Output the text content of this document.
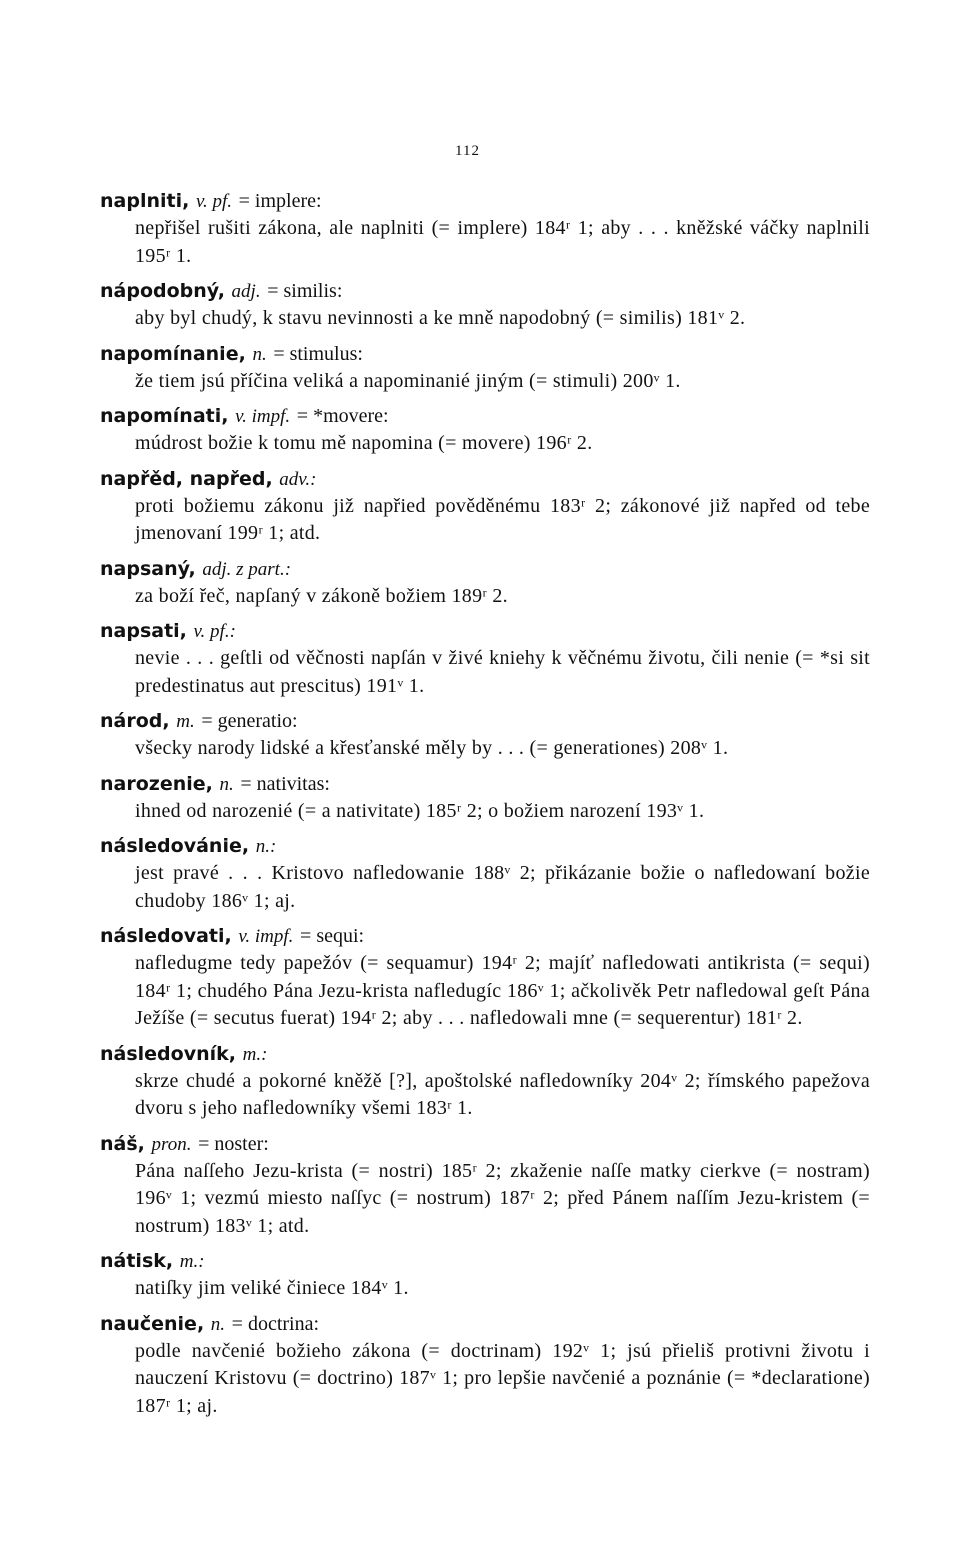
112
naplniti, v. pf. = implere:
nepřišel rušiti zákona, ale naplniti (= implere) 184ʳ 1; aby . . . kněžské váčky naplnili 195ʳ 1.
nápodobný, adj. = similis:
aby byl chudý, k stavu nevinnosti a ke mně napodobný (= similis) 181ᵛ 2.
napomínanie, n. = stimulus:
že tiem jsú příčina veliká a napominanié jiným (= stimuli) 200ᵛ 1.
napomínati, v. impf. = *movere:
múdrost božie k tomu mě napomina (= movere) 196ʳ 2.
napřěd, napřed, adv.:
proti božiemu zákonu již napřied pověděnému 183ʳ 2; zákonové již napřed od tebe jmenovaní 199ʳ 1; atd.
napsaný, adj. z part.:
za boží řeč, napſaný v zákoně božiem 189ʳ 2.
napsati, v. pf.:
nevie . . . geſtli od věčnosti napſán v živé kniehy k věčnému životu, čili nenie (= *si sit predestinatus aut prescitus) 191ᵛ 1.
národ, m. = generatio:
všecky narody lidské a křesťanské měly by . . . (= generationes) 208ᵛ 1.
narozenie, n. = nativitas:
ihned od narozenié (= a nativitate) 185ʳ 2; o božiem narození 193ᵛ 1.
následovánie, n.:
jest pravé . . . Kristovo nafledowanie 188ᵛ 2; přikázanie božie o nafledowaní božie chudoby 186ᵛ 1; aj.
následovati, v. impf. = sequi:
nafledugme tedy papežóv (= sequamur) 194ʳ 2; majíť nafledowati antikrista (= sequi) 184ʳ 1; chudého Pána Jezu-krista nafledugíc 186ᵛ 1; ačkolivěk Petr nafledowal geſt Pána Ježíše (= secutus fuerat) 194ʳ 2; aby . . . nafledowali mne (= sequerentur) 181ʳ 2.
následovník, m.:
skrze chudé a pokorné kněžě [?], apoštolské nafledowníky 204ᵛ 2; římského papežova dvoru s jeho nafledowníky všemi 183ʳ 1.
náš, pron. = noster:
Pána naſſeho Jezu-krista (= nostri) 185ʳ 2; zkaženie naſſe matky cierkve (= nostram) 196ᵛ 1; vezmú miesto naſſyc (= nostrum) 187ʳ 2; před Pánem naſſím Jezu-kristem (= nostrum) 183ᵛ 1; atd.
nátisk, m.:
natiſky jim veliké činiece 184ᵛ 1.
naučenie, n. = doctrina:
podle navčenié božieho zákona (= doctrinam) 192ᵛ 1; jsú přieliš protivni životu i nauczení Kristovu (= doctrino) 187ᵛ 1; pro lepšie navčenié a poznánie (= *declaratione) 187ʳ 1; aj.
